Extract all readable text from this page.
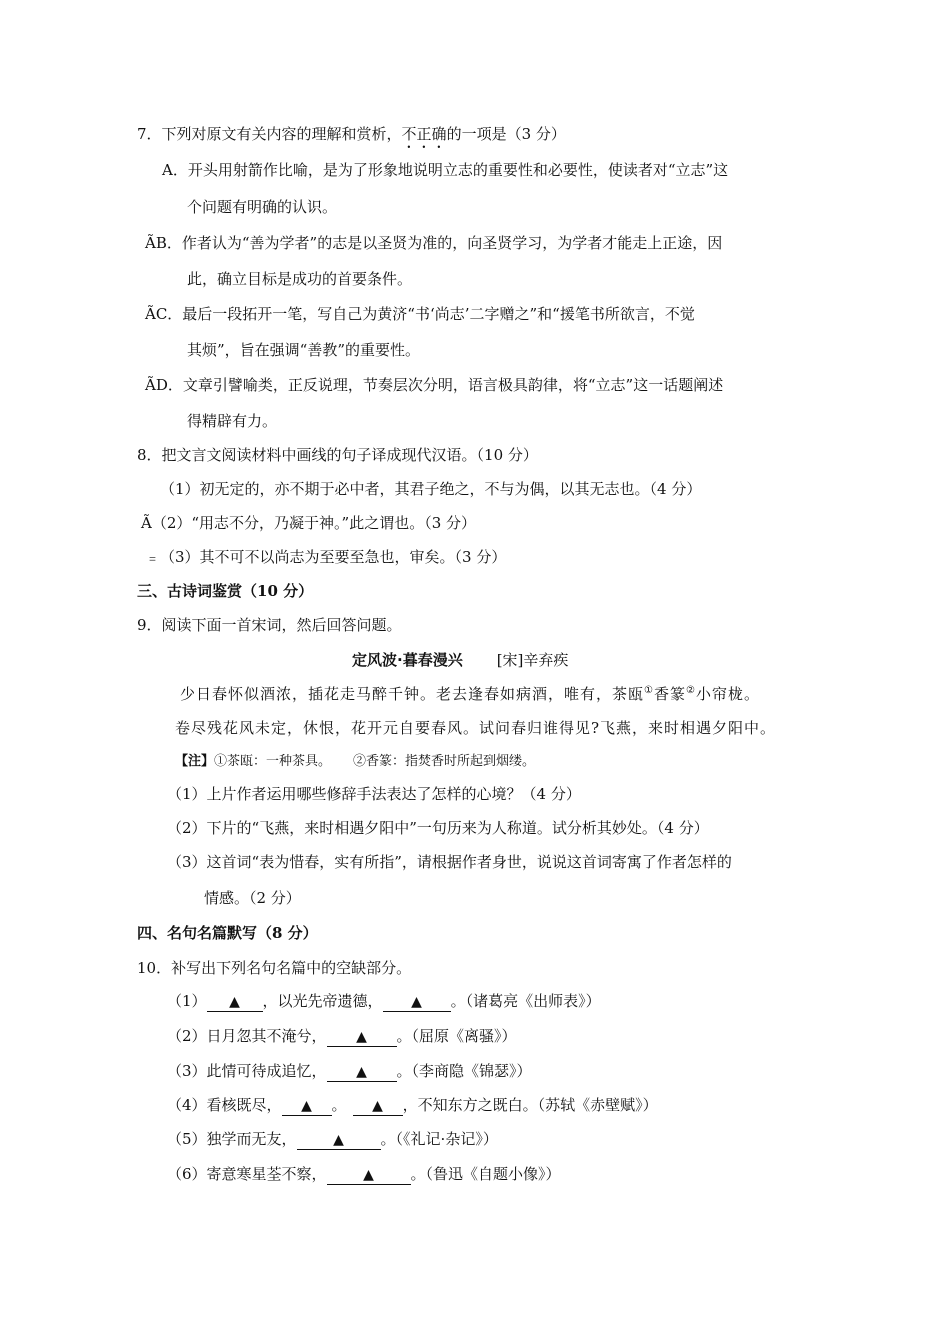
7．下列对原文有关内容的理解和赏析，不正确的一项是（3 分）
A．开头用射箭作比喻，是为了形象地说明立志的重要性和必要性，使读者对“立志”这
个问题有明确的认识。
ÃB．作者认为“善为学者”的志是以圣贤为准的，向圣贤学习，为学者才能走上正途，因
此，确立目标是成功的首要条件。
ÃC．最后一段拓开一笔，写自己为黄济“书‘尚志’二字赠之”和“援笔书所欲言，不觉
其烦”，旨在强调“善教”的重要性。
ÃD．文章引譬喻类，正反说理，节奏层次分明，语言极具韵律，将“立志”这一话题阐述
得精辟有力。
8．把文言文阅读材料中画线的句子译成现代汉语。（10 分）
（1）初无定的，亦不期于必中者，其君子绝之，不与为偶，以其无志也。（4 分）
Ã（2）“用志不分，乃凝于神。”此之谓也。（3 分）
﹦（3）其不可不以尚志为至要至急也，审矣。（3 分）
三、古诗词鉴赏（10 分）
9．阅读下面一首宋词，然后回答问题。
定风波·暮春漫兴 [宋]辛弃疾
少日春怀似酒浓，插花走马醉千钟。老去逢春如病酒，唯有，茶瓯①香篆②小帘栊。
卷尽残花风未定，休恨，花开元自要春风。试问春归谁得见?飞燕，来时相遇夕阳中。
【注】①茶瓯：一种茶具。 ②香篆：指焚香时所起到烟缕。
（1）上片作者运用哪些修辞手法表达了怎样的心境？（4 分）
（2）下片的“飞燕，来时相遇夕阳中”一句历来为人称道。试分析其妙处。（4 分）
（3）这首词“表为惜春，实有所指”，请根据作者身世，说说这首词寄寓了作者怎样的
情感。（2 分）
四、名句名篇默写（8 分）
10．补写出下列名句名篇中的空缺部分。
（1） ▲ ，以光先帝遗德， ▲ 。（诸葛亮《出师表》）
（2）日月忽其不淹兮， ▲ 。（屈原《离骚》）
（3）此情可待成追忆， ▲ 。（李商隐《锦瑟》）
（4）看核既尽， ▲ 。 ▲ ，不知东方之既白。（苏轼《赤壁赋》）
（5）独学而无友，	▲ 。（《礼记·杂记》）
（6）寄意寒星荃不察，	▲ 。（鲁迅《自题小像》）
